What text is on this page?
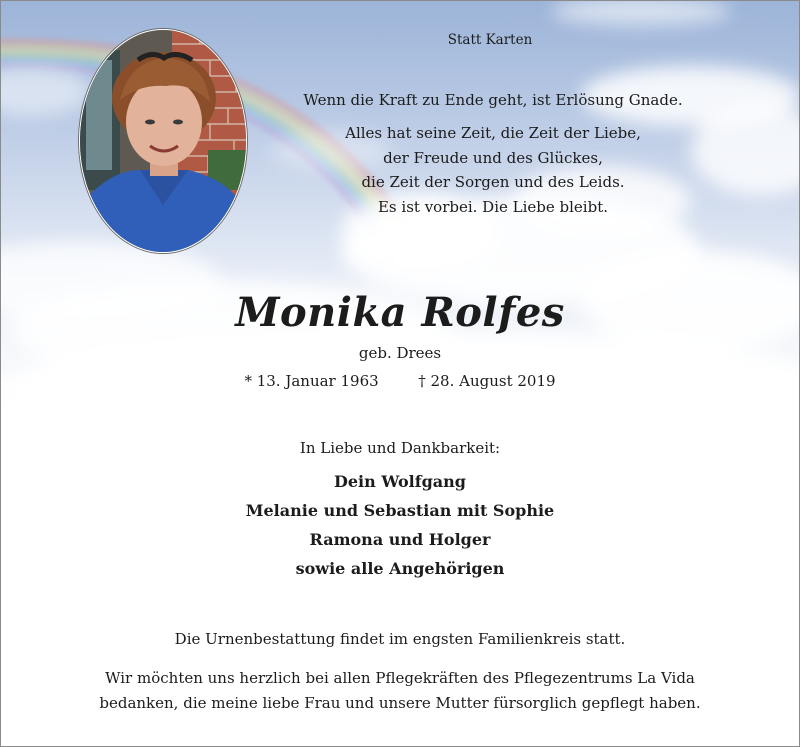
Statt Karten
Wenn die Kraft zu Ende geht, ist Erlösung Gnade.
Alles hat seine Zeit, die Zeit der Liebe,
der Freude und des Glückes,
die Zeit der Sorgen und des Leids.
Es ist vorbei. Die Liebe bleibt.
Monika Rolfes
geb. Drees
* 13. Januar 1963	† 28. August 2019
In Liebe und Dankbarkeit:
Dein Wolfgang
Melanie und Sebastian mit Sophie
Ramona und Holger
sowie alle Angehörigen
Die Urnenbestattung findet im engsten Familienkreis statt.
Wir möchten uns herzlich bei allen Pflegekräften des Pflegezentrums La Vida
bedanken, die meine liebe Frau und unsere Mutter fürsorglich gepflegt haben.
